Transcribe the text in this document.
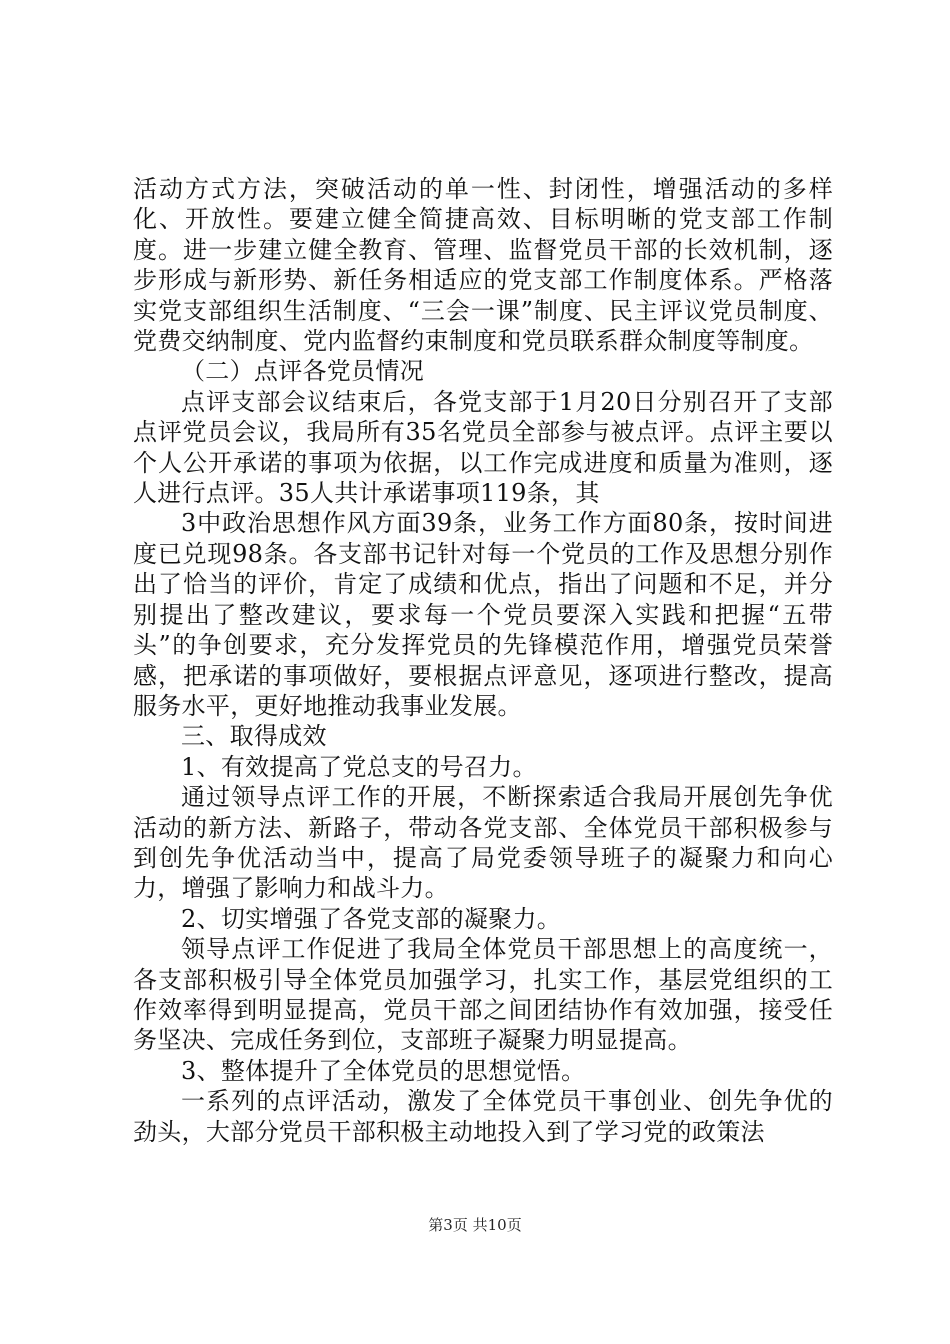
活动方式方法，突破活动的单一性、封闭性，增强活动的多样化、开放性。要建立健全简捷高效、目标明晰的党支部工作制度。进一步建立健全教育、管理、监督党员干部的长效机制，逐步形成与新形势、新任务相适应的党支部工作制度体系。严格落实党支部组织生活制度、“三会一课”制度、民主评议党员制度、党费交纳制度、党内监督约束制度和党员联系群众制度等制度。

（二）点评各党员情况

点评支部会议结束后，各党支部于1月20日分别召开了支部点评党员会议，我局所有35名党员全部参与被点评。点评主要以个人公开承诺的事项为依据，以工作完成进度和质量为准则，逐人进行点评。35人共计承诺事项119条，其

3中政治思想作风方面39条，业务工作方面80条，按时间进度已兑现98条。各支部书记针对每一个党员的工作及思想分别作出了恰当的评价，肯定了成绩和优点，指出了问题和不足，并分别提出了整改建议，要求每一个党员要深入实践和把握“五带头”的争创要求，充分发挥党员的先锋模范作用，增强党员荣誉感，把承诺的事项做好，要根据点评意见，逐项进行整改，提高服务水平，更好地推动我事业发展。

三、取得成效

1、有效提高了党总支的号召力。

通过领导点评工作的开展，不断探索适合我局开展创先争优活动的新方法、新路子，带动各党支部、全体党员干部积极参与到创先争优活动当中，提高了局党委领导班子的凝聚力和向心力，增强了影响力和战斗力。

2、切实增强了各党支部的凝聚力。

领导点评工作促进了我局全体党员干部思想上的高度统一，各支部积极引导全体党员加强学习，扎实工作，基层党组织的工作效率得到明显提高，党员干部之间团结协作有效加强，接受任务坚决、完成任务到位，支部班子凝聚力明显提高。

3、整体提升了全体党员的思想觉悟。

一系列的点评活动，激发了全体党员干事创业、创先争优的劲头，大部分党员干部积极主动地投入到了学习党的政策法

第3页 共10页
